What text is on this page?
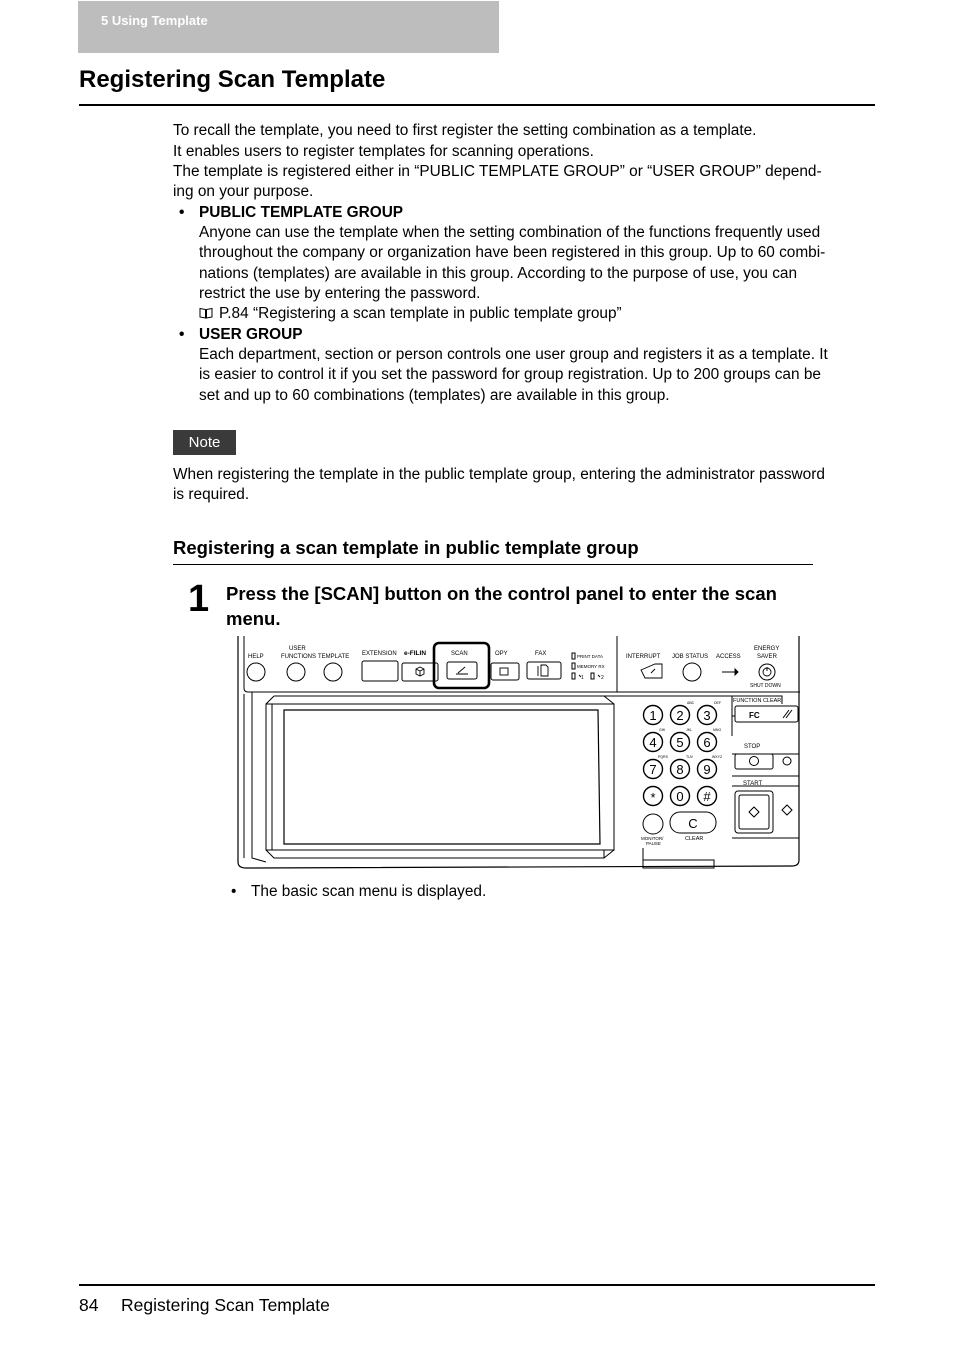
5 Using Template
Registering Scan Template
To recall the template, you need to first register the setting combination as a template.
It enables users to register templates for scanning operations.
The template is registered either in “PUBLIC TEMPLATE GROUP” or “USER GROUP” depend-
ing on your purpose.
• PUBLIC TEMPLATE GROUP
Anyone can use the template when the setting combination of the functions frequently used
throughout the company or organization have been registered in this group. Up to 60 combi-
nations (templates) are available in this group. According to the purpose of use, you can
restrict the use by entering the password.
P.84 “Registering a scan template in public template group”
• USER GROUP
Each department, section or person controls one user group and registers it as a template. It
is easier to control it if you set the password for group registration. Up to 200 groups can be
set and up to 60 combinations (templates) are available in this group.
Note
When registering the template in the public template group, entering the administrator password
is required.
Registering a scan template in public template group
1 Press the [SCAN] button on the control panel to enter the scan
menu.
HELP
USER
FUNCTIONS TEMPLATE EXTENSION e-FILIN	SCAN	OPY	FAX	PRINT DATA
MEMORY RX
1	2
INTERRUPT JOB STATUS ACCESS
ENERGY
SAVER
SHUT DOWN
FUNCTION CLEAR
STOP
START
MONITOR/
PAUSE
CLEAR
1 2 3
4 5 6
7 8 9
* 0 #
C
ABC	DEF
GHI	JKL	MNO
PQRS	TUV	WXYZ
FC
• The basic scan menu is displayed.
84 Registering Scan Template
